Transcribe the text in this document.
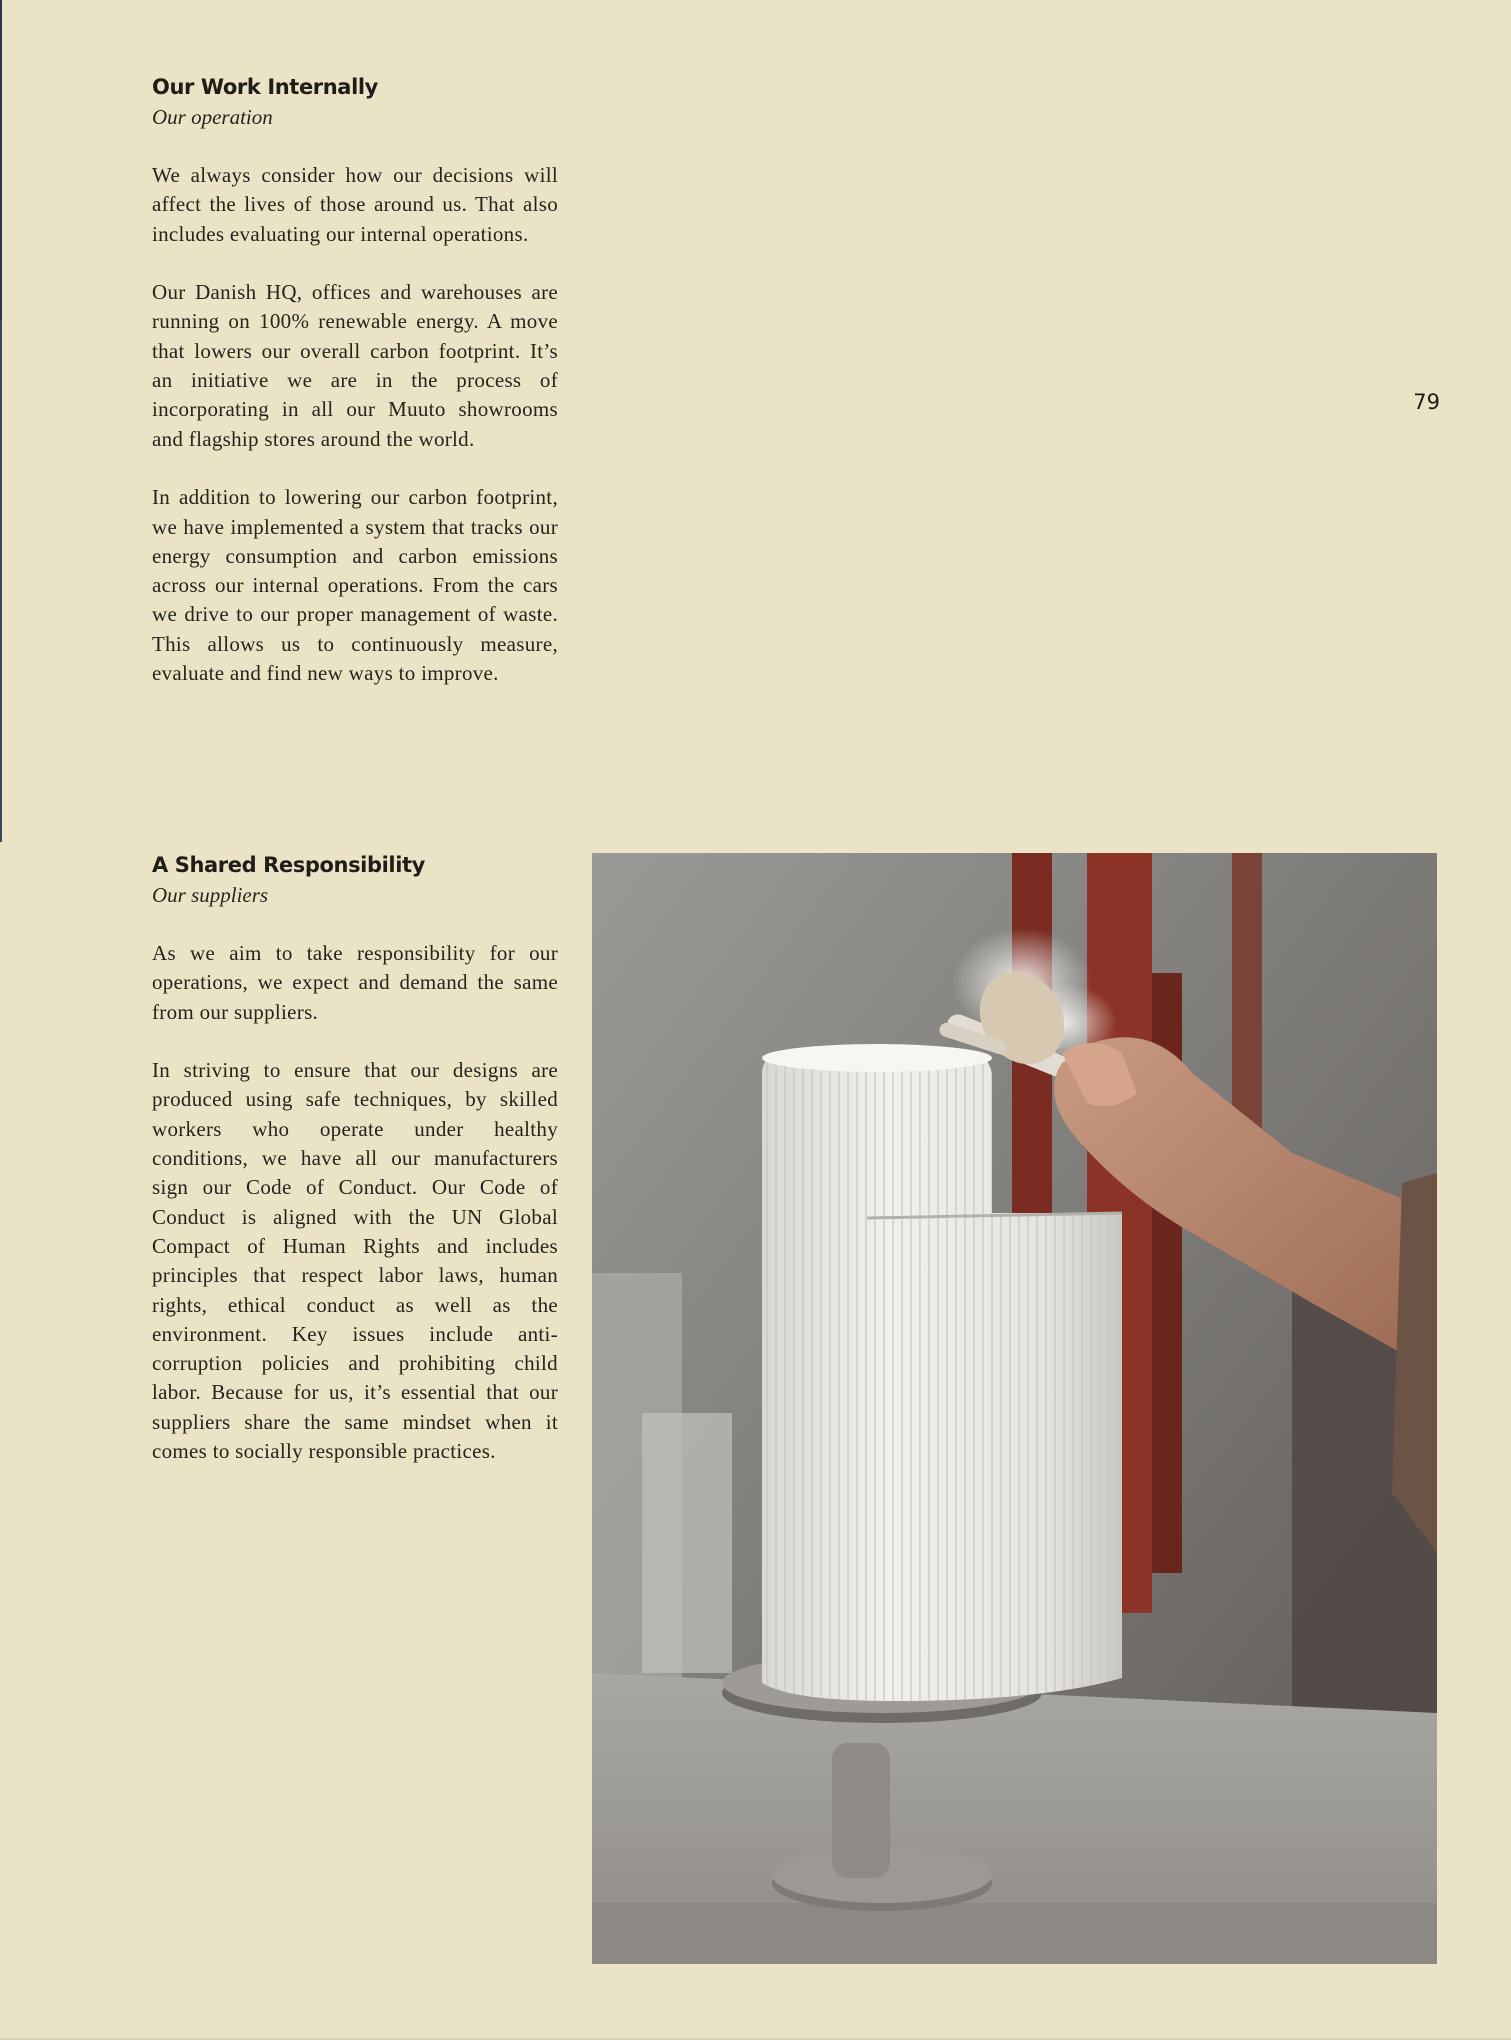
Our Work Internally

Our operation

We always consider how our decisions will affect the lives of those around us. That also includes evaluating our internal operations.

Our Danish HQ, offices and warehouses are running on 100% renewable energy. A move that lowers our overall carbon footprint. It’s an initiative we are in the process of incorporating in all our Muuto showrooms and flagship stores around the world.

In addition to lowering our carbon footprint, we have implemented a system that tracks our energy consumption and carbon emissions across our internal operations. From the cars we drive to our proper management of waste. This allows us to continuously measure, evaluate and find new ways to improve.

79

A Shared Responsibility

Our suppliers

As we aim to take responsibility for our operations, we expect and demand the same from our suppliers.

In striving to ensure that our designs are produced using safe techniques, by skilled workers who operate under healthy conditions, we have all our manufacturers sign our Code of Conduct. Our Code of Conduct is aligned with the UN Global Compact of Human Rights and includes principles that respect labor laws, human rights, ethical conduct as well as the environment. Key issues include anti-corruption policies and prohibiting child labor. Because for us, it’s essential that our suppliers share the same mindset when it comes to socially responsible practices.
